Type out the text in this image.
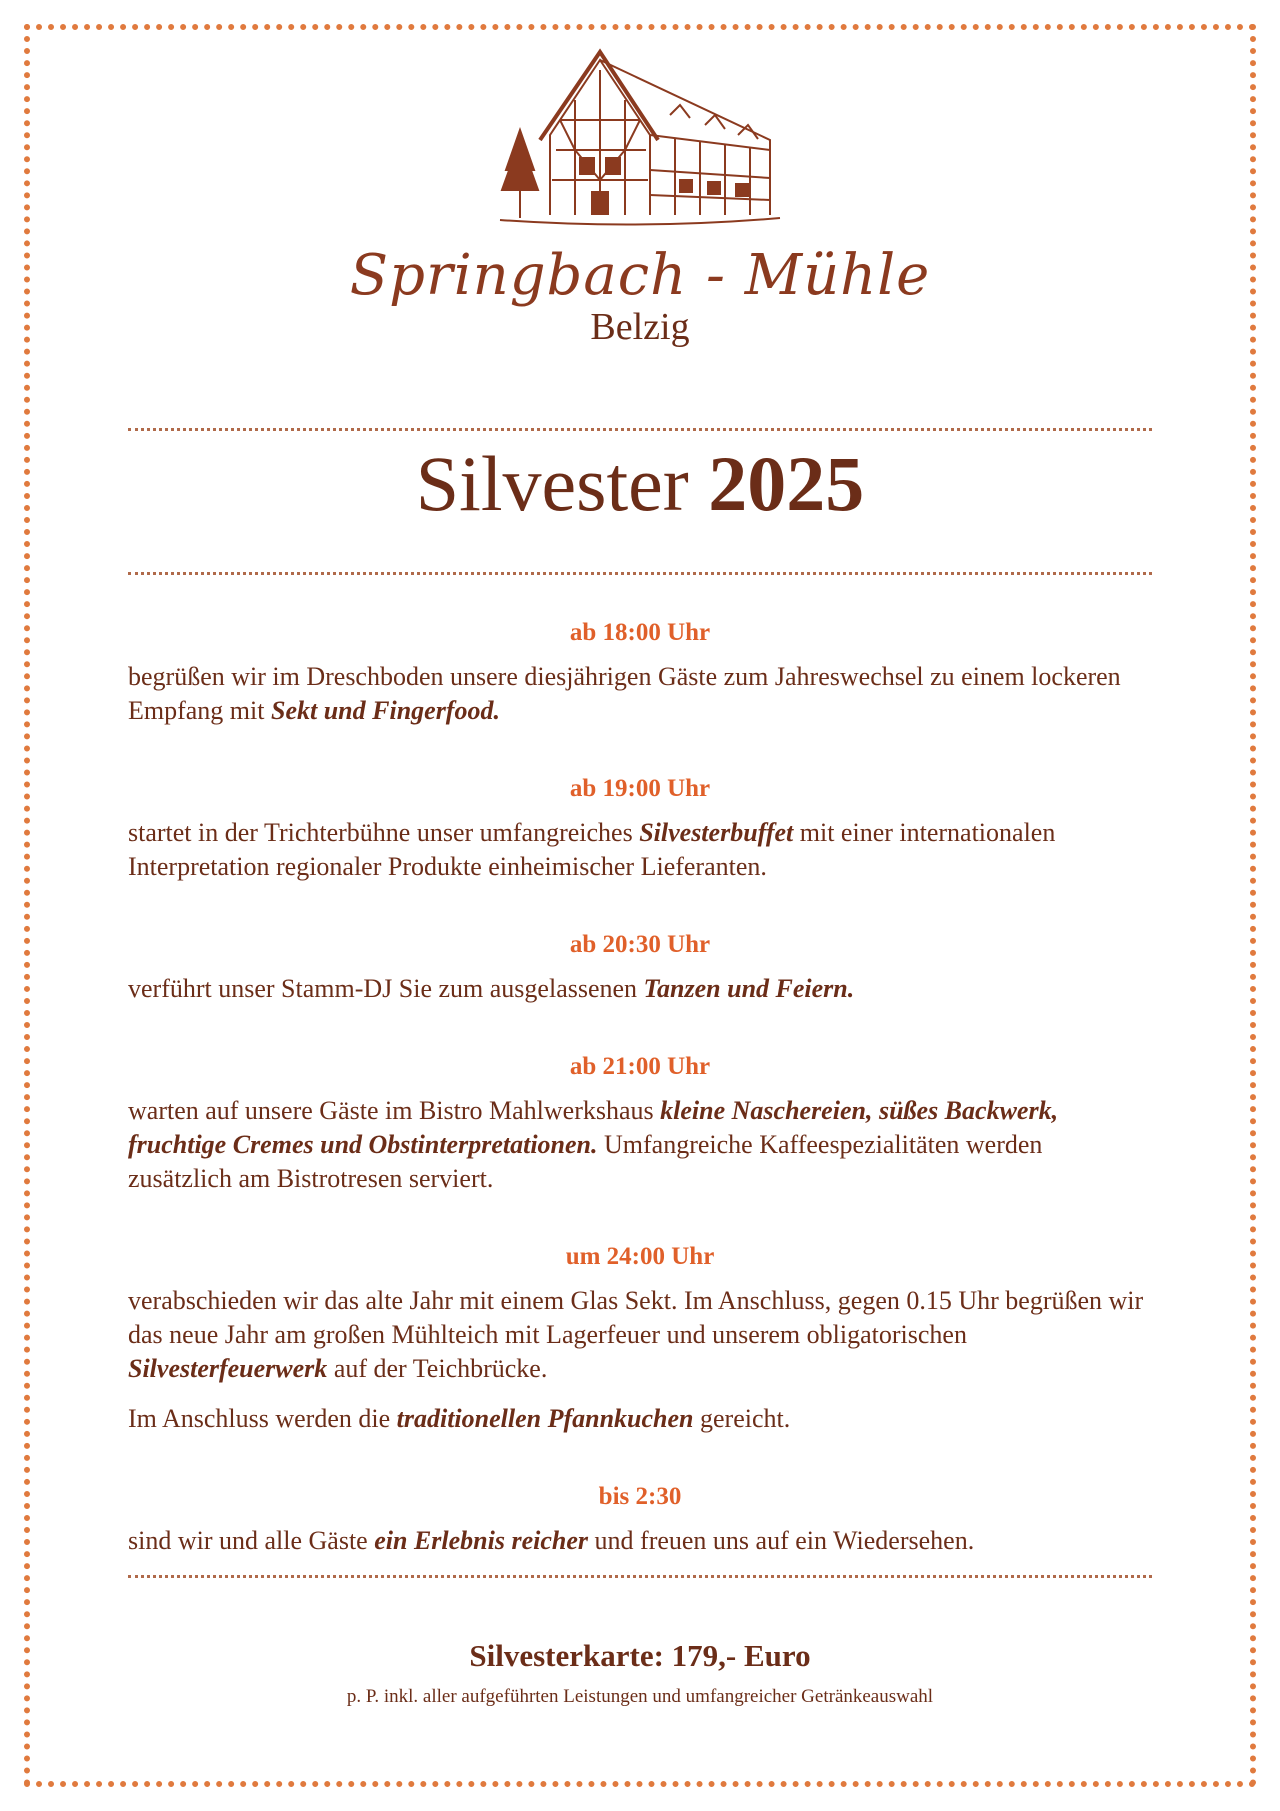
Springbach - Mühle
Belzig
Silvester 2025
ab 18:00 Uhr

begrüßen wir im Dreschboden unsere diesjährigen Gäste zum Jahreswechsel zu einem lockeren Empfang mit Sekt und Fingerfood.

ab 19:00 Uhr

startet in der Trichterbühne unser umfangreiches Silvesterbuffet mit einer internationalen Interpretation regionaler Produkte einheimischer Lieferanten.

ab 20:30 Uhr

verführt unser Stamm-DJ Sie zum ausgelassenen Tanzen und Feiern.

ab 21:00 Uhr

warten auf unsere Gäste im Bistro Mahlwerkshaus kleine Naschereien, süßes Backwerk, fruchtige Cremes und Obstinterpretationen. Umfangreiche Kaffeespezialitäten werden zusätzlich am Bistrotresen serviert.

um 24:00 Uhr

verabschieden wir das alte Jahr mit einem Glas Sekt. Im Anschluss, gegen 0.15 Uhr begrüßen wir das neue Jahr am großen Mühlteich mit Lagerfeuer und unserem obligatorischen Silvesterfeuerwerk auf der Teichbrücke.

Im Anschluss werden die traditionellen Pfannkuchen gereicht.

bis 2:30

sind wir und alle Gäste ein Erlebnis reicher und freuen uns auf ein Wiedersehen.

Silvesterkarte: 179,- Euro
p. P. inkl. aller aufgeführten Leistungen und umfangreicher Getränkeauswahl
